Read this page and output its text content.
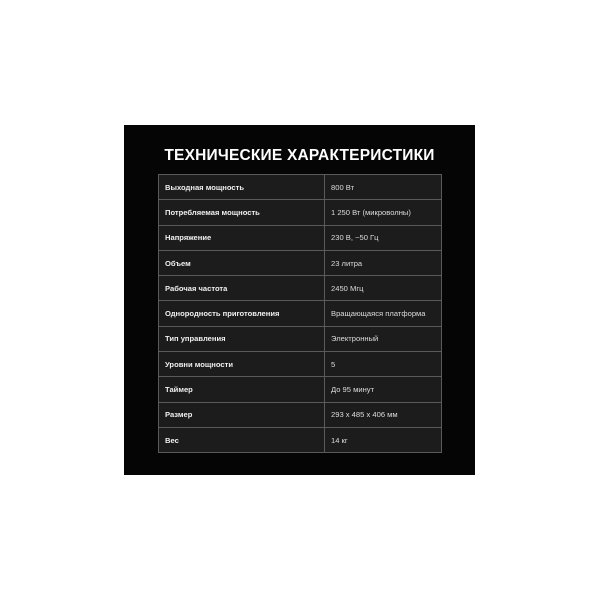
ТЕХНИЧЕСКИЕ ХАРАКТЕРИСТИКИ
Выходная мощность	800 Вт
Потребляемая мощность	1 250 Вт (микроволны)
Напряжение	230 В, ~50 Гц
Объем	23 литра
Рабочая частота	2450 Мгц
Однородность приготовления	Вращающаяся платформа
Тип управления	Электронный
Уровни мощности	5
Таймер	До 95 минут
Размер	293 x 485 x 406 мм
Вес	14 кг
